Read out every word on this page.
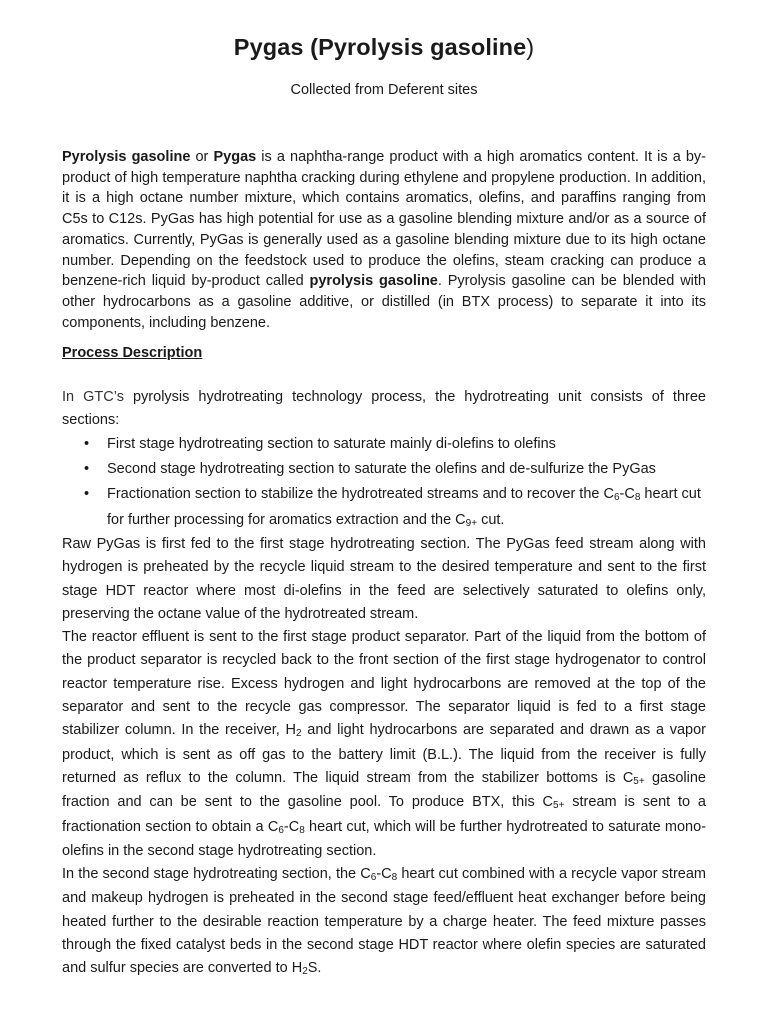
Pygas (Pyrolysis gasoline)
Collected from Deferent sites
Pyrolysis gasoline or Pygas is a naphtha-range product with a high aromatics content. It is a by-product of high temperature naphtha cracking during ethylene and propylene production. In addition, it is a high octane number mixture, which contains aromatics, olefins, and paraffins ranging from C5s to C12s. PyGas has high potential for use as a gasoline blending mixture and/or as a source of aromatics. Currently, PyGas is generally used as a gasoline blending mixture due to its high octane number. Depending on the feedstock used to produce the olefins, steam cracking can produce a benzene-rich liquid by-product called pyrolysis gasoline. Pyrolysis gasoline can be blended with other hydrocarbons as a gasoline additive, or distilled (in BTX process) to separate it into its components, including benzene.
Process Description
In GTC’s pyrolysis hydrotreating technology process, the hydrotreating unit consists of three sections:
• First stage hydrotreating section to saturate mainly di-olefins to olefins
• Second stage hydrotreating section to saturate the olefins and de-sulfurize the PyGas
• Fractionation section to stabilize the hydrotreated streams and to recover the $C_6-C_8$ heart cut for further processing for aromatics extraction and the $C_{9+}$ cut.
Raw PyGas is first fed to the first stage hydrotreating section. The PyGas feed stream along with hydrogen is preheated by the recycle liquid stream to the desired temperature and sent to the first stage HDT reactor where most di-olefins in the feed are selectively saturated to olefins only, preserving the octane value of the hydrotreated stream.
The reactor effluent is sent to the first stage product separator. Part of the liquid from the bottom of the product separator is recycled back to the front section of the first stage hydrogenator to control reactor temperature rise. Excess hydrogen and light hydrocarbons are removed at the top of the separator and sent to the recycle gas compressor. The separator liquid is fed to a first stage stabilizer column. In the receiver, $H_2$ and light hydrocarbons are separated and drawn as a vapor product, which is sent as off gas to the battery limit (B.L.). The liquid from the receiver is fully returned as reflux to the column. The liquid stream from the stabilizer bottoms is $C_{5+}$ gasoline fraction and can be sent to the gasoline pool. To produce BTX, this $C_{5+}$ stream is sent to a fractionation section to obtain a $C_6-C_8$ heart cut, which will be further hydrotreated to saturate mono-olefins in the second stage hydrotreating section.
In the second stage hydrotreating section, the $C_6-C_8$ heart cut combined with a recycle vapor stream and makeup hydrogen is preheated in the second stage feed/effluent heat exchanger before being heated further to the desirable reaction temperature by a charge heater. The feed mixture passes through the fixed catalyst beds in the second stage HDT reactor where olefin species are saturated and sulfur species are converted to $H_2S$.
